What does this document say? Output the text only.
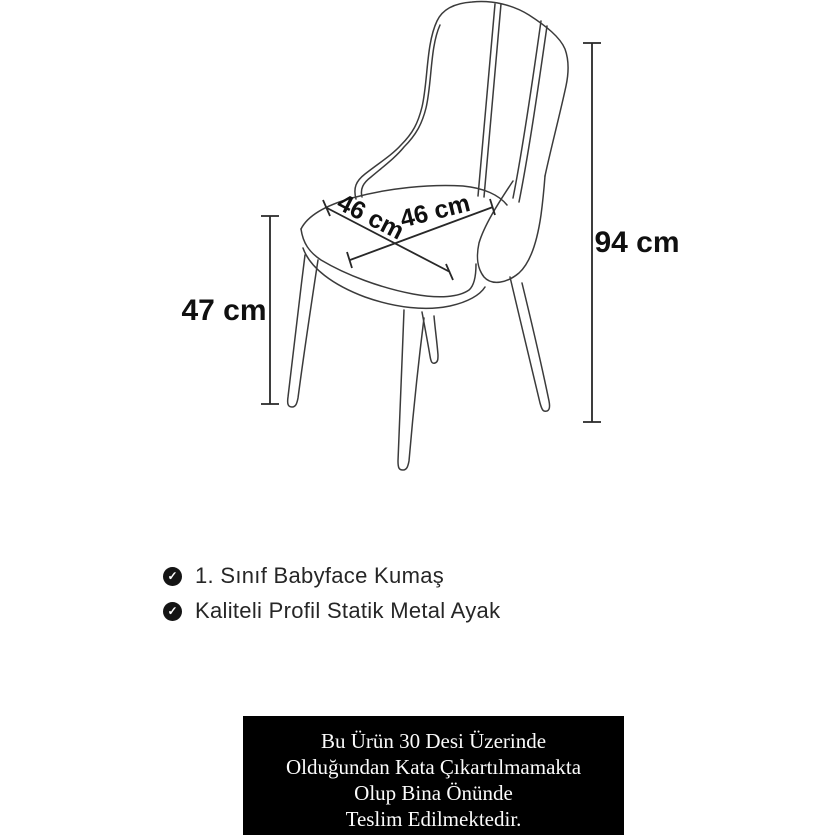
46 cm
46 cm
47 cm
94 cm
✓ 1. Sınıf Babyface Kumaş
✓ Kaliteli Profil Statik Metal Ayak
Bu Ürün 30 Desi Üzerinde
Olduğundan Kata Çıkartılmamakta
Olup Bina Önünde
Teslim Edilmektedir.
